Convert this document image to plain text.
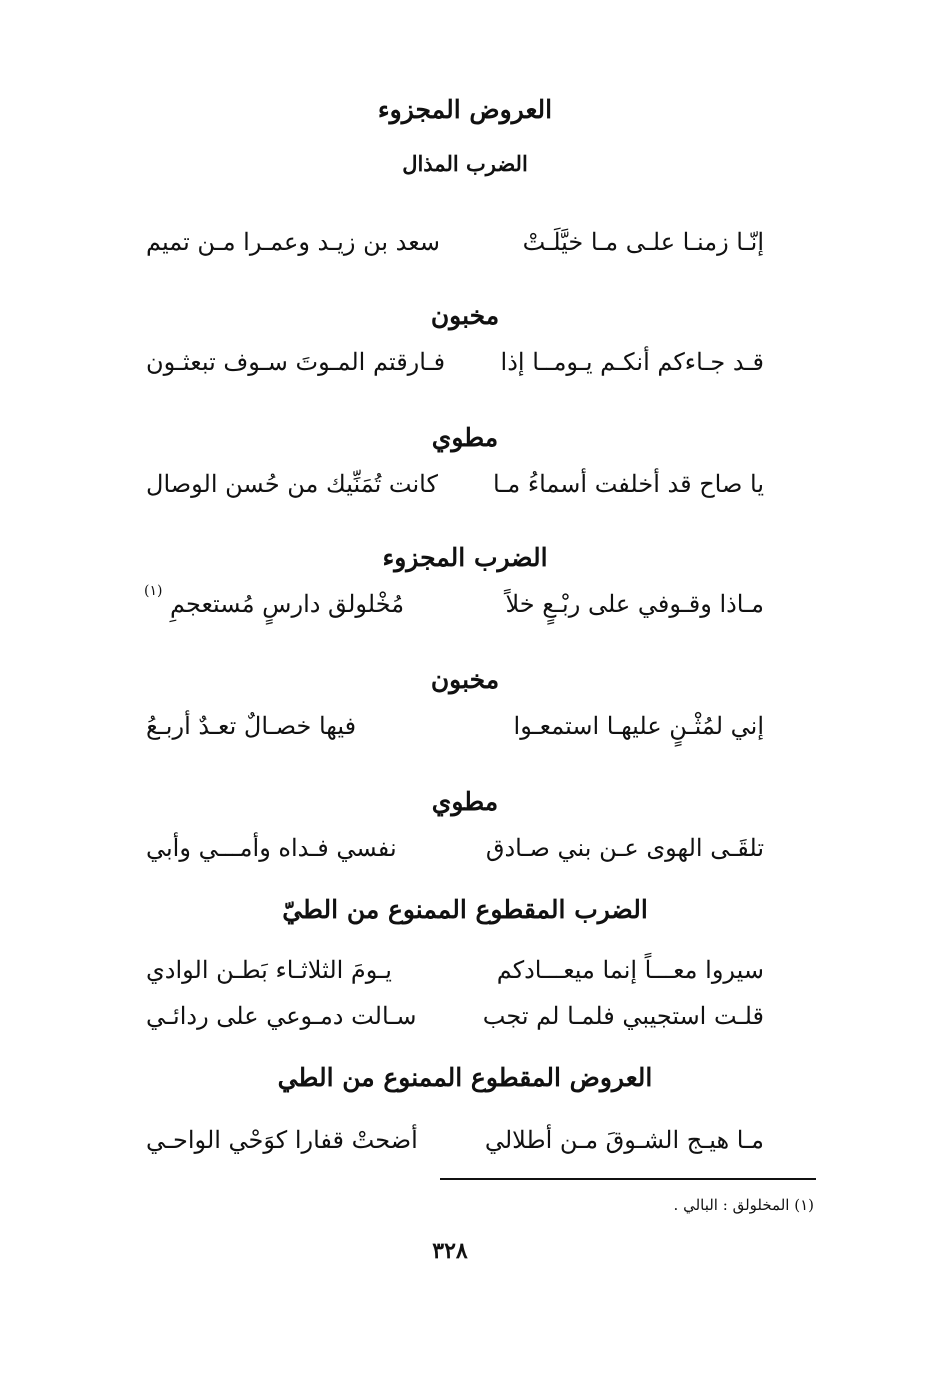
العروض المجزوء
الضرب المذال
إنّـا زمنـا علـى مـا خيَّلَـتْ
سعد بن زيـد وعمـرا مـن تمیم
مخبون
قـد جـاءكم أنكـم يـومــا إذا
فـارقتم المـوتَ سـوف تبعثـون
مطوي
يا صاح قد أخلفت أسماءُ مـا
كانت تُمَنِّيك من حُسن الوصال
الضرب المجزوء
مـاذا وقـوفي على ربْـعٍ خلاً
مُخْلولق دارسٍ مُستعجمِ
(١)
مخبون
إني لمُثْـنٍ عليهـا استمعـوا
فيها خصـالٌ تعـدٌ أربـعُ
مطوي
تلقَـى الهوى عـن بني صـادق
نفسي فـداه وأمـــي وأبي
الضرب المقطوع الممنوع من الطيّ
سيروا معـــاً إنما ميعـــادكم
يـومَ الثلاثـاء بَطـن الوادي
قلـت استجيبي فلمـا لم تجب
سـالت دمـوعي على ردائـي
العروض المقطوع الممنوع من الطي
مـا هيـج الشـوقَ مـن أطلالي
أضحتْ قفارا كوَحْي الواحـي
(١) المخلولق : البالي .
٣٢٨
